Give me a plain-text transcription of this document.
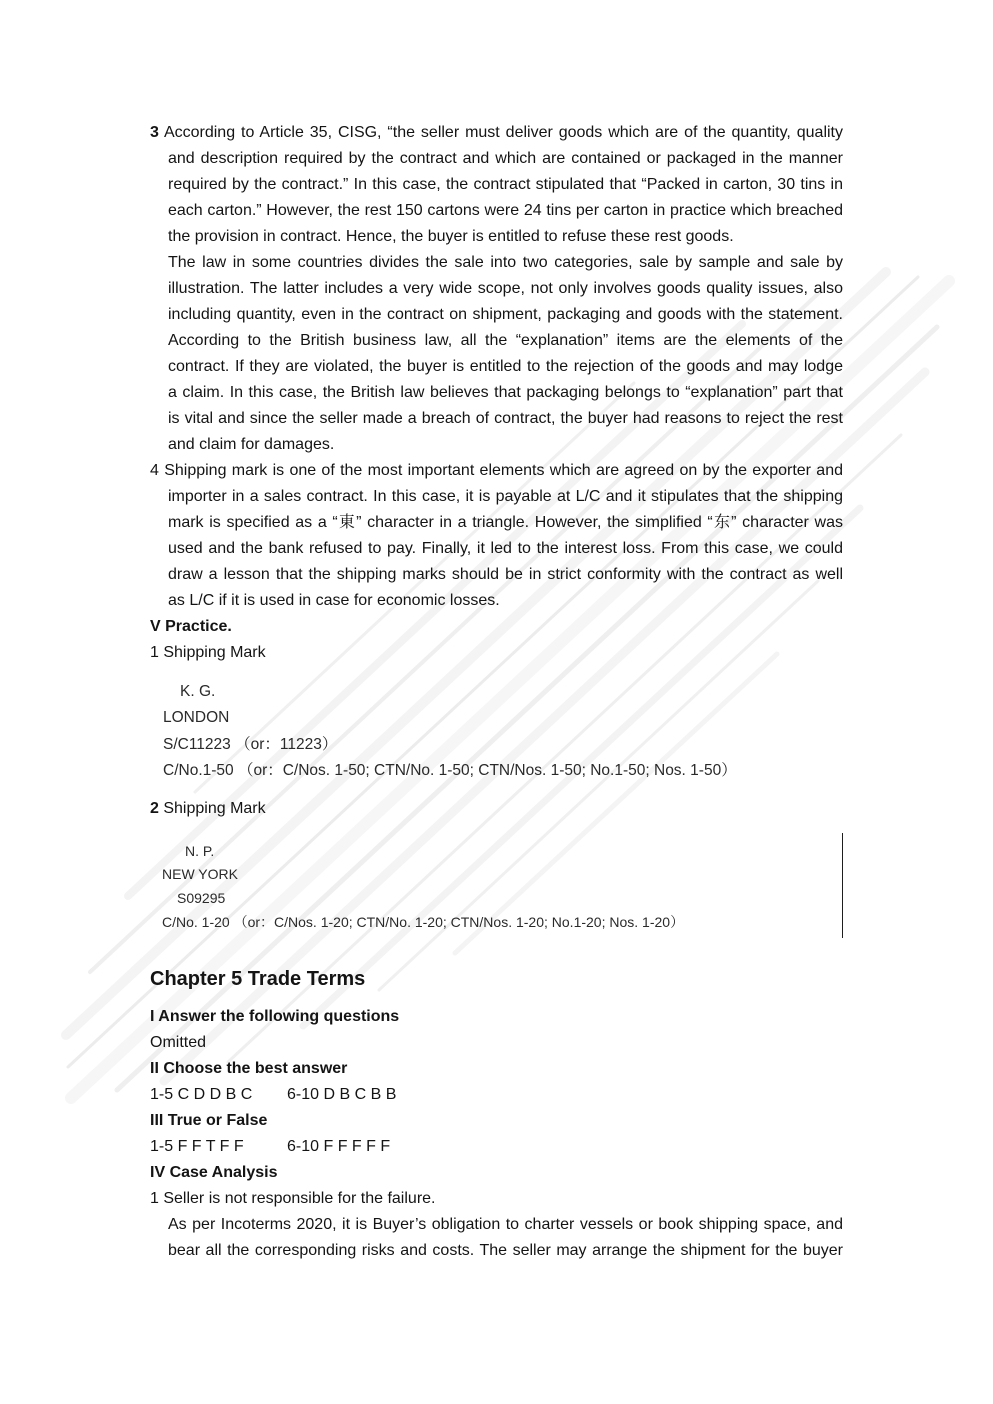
3 According to Article 35, CISG, “the seller must deliver goods which are of the quantity, quality
and description required by the contract and which are contained or packaged in the manner
required by the contract.” In this case, the contract stipulated that “Packed in carton, 30 tins in
each carton.” However, the rest 150 cartons were 24 tins per carton in practice which breached
the provision in contract. Hence, the buyer is entitled to refuse these rest goods.
The law in some countries divides the sale into two categories, sale by sample and sale by
illustration. The latter includes a very wide scope, not only involves goods quality issues, also
including quantity, even in the contract on shipment, packaging and goods with the statement.
According to the British business law, all the “explanation” items are the elements of the
contract. If they are violated, the buyer is entitled to the rejection of the goods and may lodge
a claim. In this case, the British law believes that packaging belongs to “explanation” part that
is vital and since the seller made a breach of contract, the buyer had reasons to reject the rest
and claim for damages.
4 Shipping mark is one of the most important elements which are agreed on by the exporter and
importer in a sales contract. In this case, it is payable at L/C and it stipulates that the shipping
mark is specified as a “東” character in a triangle. However, the simplified “东” character was
used and the bank refused to pay. Finally, it led to the interest loss. From this case, we could
draw a lesson that the shipping marks should be in strict conformity with the contract as well
as L/C if it is used in case for economic losses.
V Practice.
1 Shipping Mark
K. G.
LONDON
S/C11223 （or：11223）
C/No.1-50 （or：C/Nos. 1-50; CTN/No. 1-50; CTN/Nos. 1-50; No.1-50; Nos. 1-50）
2 Shipping Mark
N. P.
NEW YORK
S09295
C/No. 1-20 （or：C/Nos. 1-20; CTN/No. 1-20; CTN/Nos. 1-20; No.1-20; Nos. 1-20）
Chapter 5 Trade Terms
I Answer the following questions
Omitted
II Choose the best answer
1-5 C D D B C 6-10 D B C B B
III True or False
1-5 F F T F F	6-10 F F F F F
IV Case Analysis
1 Seller is not responsible for the failure.
As per Incoterms 2020, it is Buyer’s obligation to charter vessels or book shipping space, and
bear all the corresponding risks and costs. The seller may arrange the shipment for the buyer
